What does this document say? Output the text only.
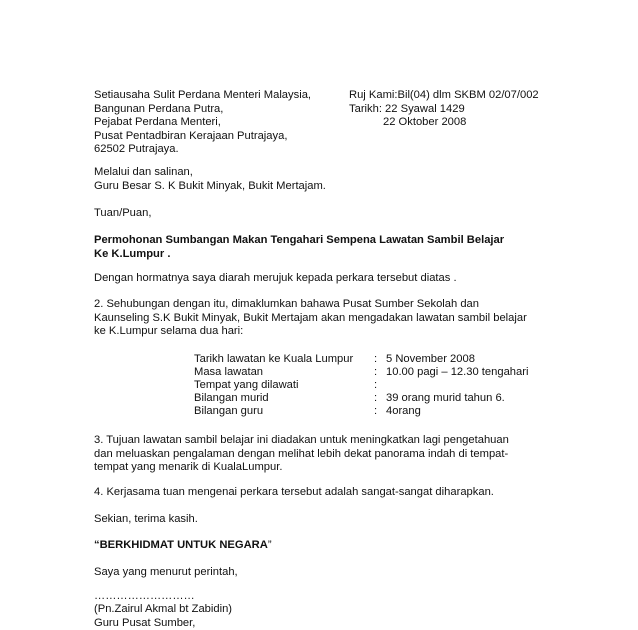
Setiausaha Sulit Perdana Menteri Malaysia,
Bangunan Perdana Putra,
Pejabat Perdana Menteri,
Pusat Pentadbiran Kerajaan Putrajaya,
62502 Putrajaya.
Ruj Kami:Bil(04) dlm SKBM 02/07/002
Tarikh: 22 Syawal 1429
22 Oktober 2008
Melalui dan salinan,
Guru Besar S. K Bukit Minyak, Bukit Mertajam.
Tuan/Puan,
Permohonan Sumbangan Makan Tengahari Sempena Lawatan Sambil Belajar
Ke K.Lumpur .
Dengan hormatnya saya diarah merujuk kepada perkara tersebut diatas .
2. Sehubungan dengan itu, dimaklumkan bahawa Pusat Sumber Sekolah dan
Kaunseling S.K Bukit Minyak, Bukit Mertajam akan mengadakan lawatan sambil belajar
ke K.Lumpur selama dua hari:
Tarikh lawatan ke Kuala Lumpur : 5 November 2008
Masa lawatan	:10.00 pagi – 12.30 tengahari
Tempat yang dilawati	:
Bilangan murid	: 39 orang murid tahun 6.
Bilangan guru	:4orang
3. Tujuan lawatan sambil belajar ini diadakan untuk meningkatkan lagi pengetahuan
dan meluaskan pengalaman dengan melihat lebih dekat panorama indah di tempat-
tempat yang menarik di KualaLumpur.
4. Kerjasama tuan mengenai perkara tersebut adalah sangat-sangat diharapkan.
Sekian, terima kasih.
“BERKHIDMAT UNTUK NEGARA”
Saya yang menurut perintah,
………………………
(Pn.Zairul Akmal bt Zabidin)
Guru Pusat Sumber,
